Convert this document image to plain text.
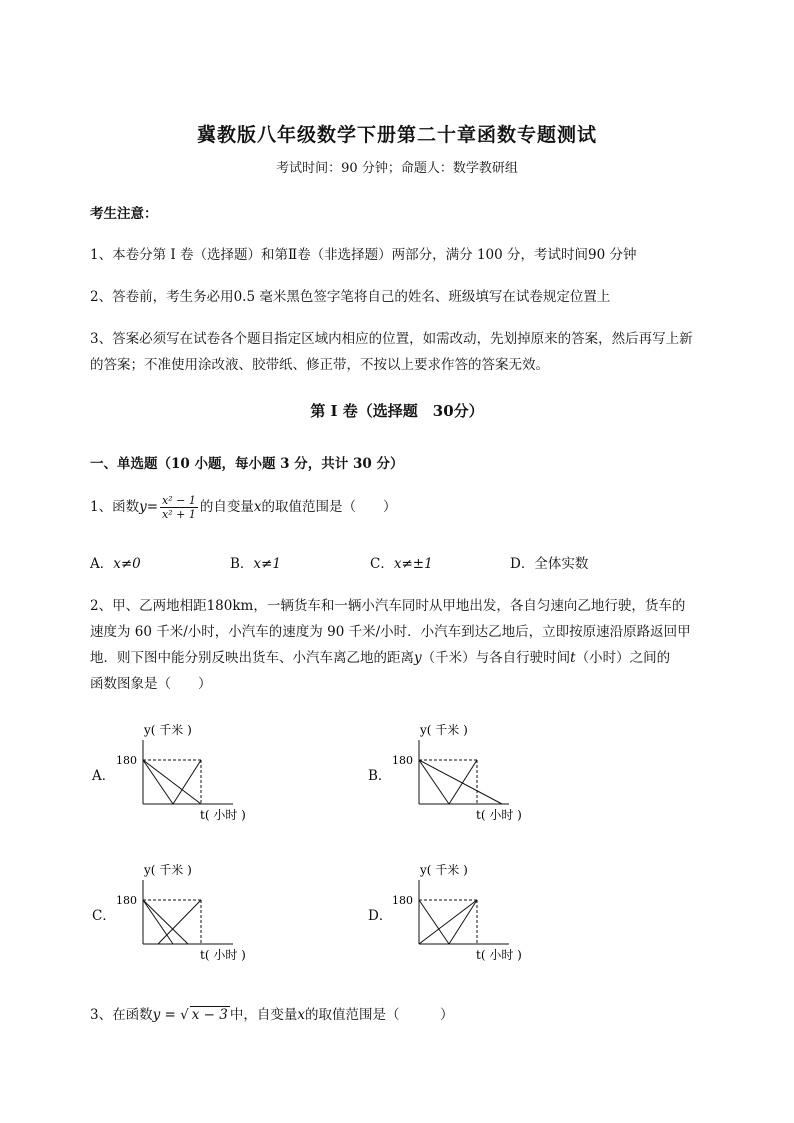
冀教版八年级数学下册第二十章函数专题测试
考试时间：90 分钟；命题人：数学教研组
考生注意：
1、本卷分第 I 卷（选择题）和第Ⅱ卷（非选择题）两部分，满分 100 分，考试时间90 分钟
2、答卷前，考生务必用0.5 毫米黑色签字笔将自己的姓名、班级填写在试卷规定位置上
3、答案必须写在试卷各个题目指定区域内相应的位置，如需改动，先划掉原来的答案，然后再写上新
的答案；不准使用涂改液、胶带纸、修正带，不按以上要求作答的答案无效。
第 I 卷（选择题　30分）
一、单选题（10 小题，每小题 3 分，共计 30 分）
1、函数$y= \frac{\text{x² − 1}}{\text{x² + 1}}$ 的自变量x的取值范围是（　　）
A．x≠0	B．x≠1	C．x≠±1	D．全体实数
2、甲、乙两地相距180km，一辆货车和一辆小汽车同时从甲地出发，各自匀速向乙地行驶，货车的
速度为 60 千米/小时，小汽车的速度为 90 千米/小时．小汽车到达乙地后，立即按原速沿原路返回甲
地．则下图中能分别反映出货车、小汽车离乙地的距离y（千米）与各自行驶时间t（小时）之间的
函数图象是（　　）
A．
y( 千米 )
180
t( 小时 )
B．
y( 千米 )
180
t( 小时 )
C．
y( 千米 )
180
t( 小时 )
D．
y( 千米 )
180
t( 小时 )
3、在函数y = √ x − 3 中，自变量x的取值范围是（　　　）
